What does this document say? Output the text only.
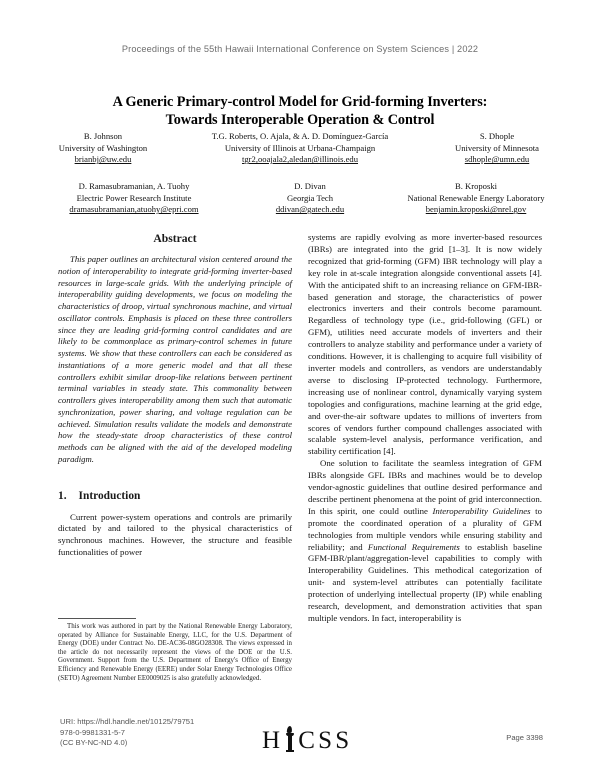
Proceedings of the 55th Hawaii International Conference on System Sciences | 2022
A Generic Primary-control Model for Grid-forming Inverters:
Towards Interoperable Operation & Control
B. Johnson
University of Washington
brianbj@uw.edu
T.G. Roberts, O. Ajala, & A. D. Domínguez-García
University of Illinois at Urbana-Champaign
tgr2,ooajala2,aledan@illinois.edu
S. Dhople
University of Minnesota
sdhople@umn.edu
D. Ramasubramanian, A. Tuohy
Electric Power Research Institute
dramasubramanian,atuohy@epri.com
D. Divan
Georgia Tech
ddivan@gatech.edu
B. Kroposki
National Renewable Energy Laboratory
benjamin.kroposki@nrel.gov
Abstract

This paper outlines an architectural vision centered around the notion of interoperability to integrate grid-forming inverter-based resources in large-scale grids. With the underlying principle of interoperability guiding developments, we focus on modeling the characteristics of droop, virtual synchronous machine, and virtual oscillator controls. Emphasis is placed on these three controllers since they are leading grid-forming control candidates and are likely to be commonplace as primary-control schemes in future systems. We show that these controllers can each be considered as instantiations of a more generic model and that all these controllers exhibit similar droop-like relations between pertinent terminal variables in steady state. This commonality between controllers gives interoperability among them such that automatic synchronization, power sharing, and voltage regulation can be achieved. Simulation results validate the models and demonstrate how the steady-state droop characteristics of these control methods can be aligned with the aid of the developed modeling paradigm.

1. Introduction

Current power-system operations and controls are primarily dictated by and tailored to the physical characteristics of synchronous machines. However, the structure and feasible functionalities of power

systems are rapidly evolving as more inverter-based resources (IBRs) are integrated into the grid [1–3]. It is now widely recognized that grid-forming (GFM) IBR technology will play a key role in at-scale integration alongside conventional assets [4]. With the anticipated shift to an increasing reliance on GFM-IBR-based generation and storage, the characteristics of power electronics inverters and their controls become paramount. Regardless of technology type (i.e., grid-following (GFL) or GFM), utilities need accurate models of inverters and their controllers to analyze stability and performance under a variety of conditions. However, it is challenging to acquire full visibility of inverter models and controllers, as vendors are understandably averse to disclosing IP-protected technology. Furthermore, increasing use of nonlinear control, dynamically varying system topologies and configurations, machine learning at the grid edge, and over-the-air software updates to millions of inverters from scores of vendors further compound challenges associated with scalable system-level analysis, performance verification, and stability certification [4].

One solution to facilitate the seamless integration of GFM IBRs alongside GFL IBRs and machines would be to develop vendor-agnostic guidelines that outline desired performance and describe pertinent phenomena at the point of grid interconnection. In this spirit, one could outline Interoperability Guidelines to promote the coordinated operation of a plurality of GFM technologies from multiple vendors while ensuring stability and reliability; and Functional Requirements to establish baseline GFM-IBR/plant/aggregation-level capabilities to comply with Interoperability Guidelines. This methodical categorization of unit- and system-level attributes can potentially facilitate protection of underlying intellectual property (IP) while enabling research, development, and demonstration activities that span multiple vendors. In fact, interoperability is

This work was authored in part by the National Renewable Energy Laboratory, operated by Alliance for Sustainable Energy, LLC, for the U.S. Department of Energy (DOE) under Contract No. DE-AC36-08GO28308. The views expressed in the article do not necessarily represent the views of the DOE or the U.S. Government. Support from the U.S. Department of Energy's Office of Energy Efficiency and Renewable Energy (EERE) under Solar Energy Technologies Office (SETO) Agreement Number EE0009025 is also gratefully acknowledged.

URI: https://hdl.handle.net/10125/79751
978-0-9981331-5-7
(CC BY-NC-ND 4.0)	H CSS	Page 3398
